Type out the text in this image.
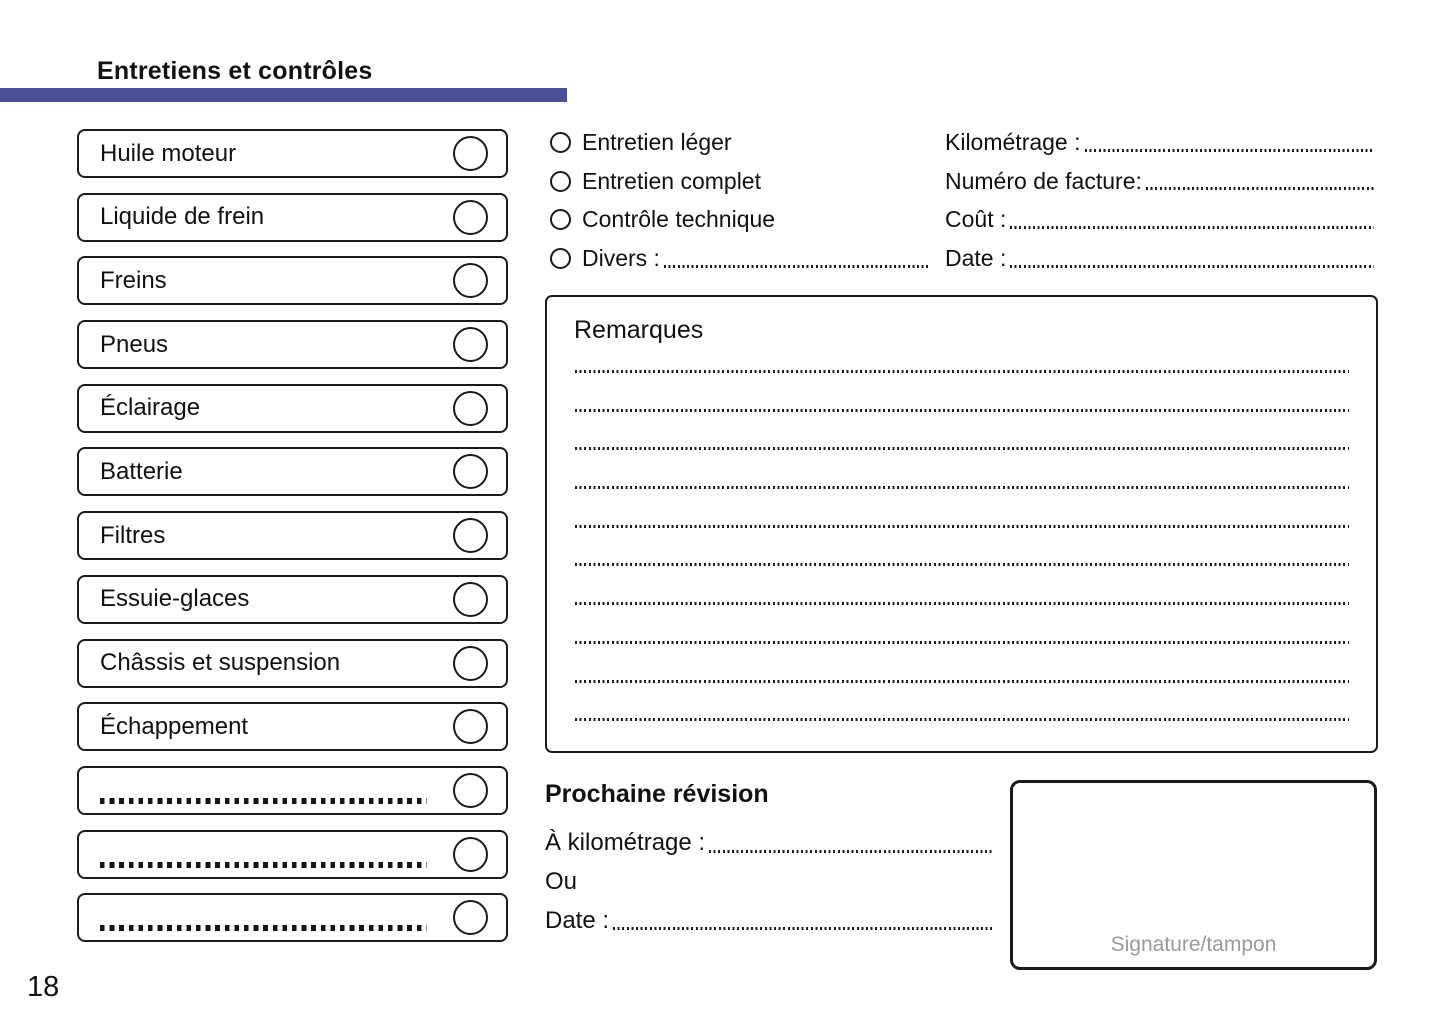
Entretiens et contrôles
Huile moteur
Liquide de frein
Freins
Pneus
Éclairage
Batterie
Filtres
Essuie-glaces
Châssis et suspension
Échappement
Entretien léger
Entretien complet
Contrôle technique
Divers :
Kilométrage :
Numéro de facture:
Coût :
Date :
Remarques
Prochaine révision
À kilométrage :
Ou
Date :
Signature/tampon
18
